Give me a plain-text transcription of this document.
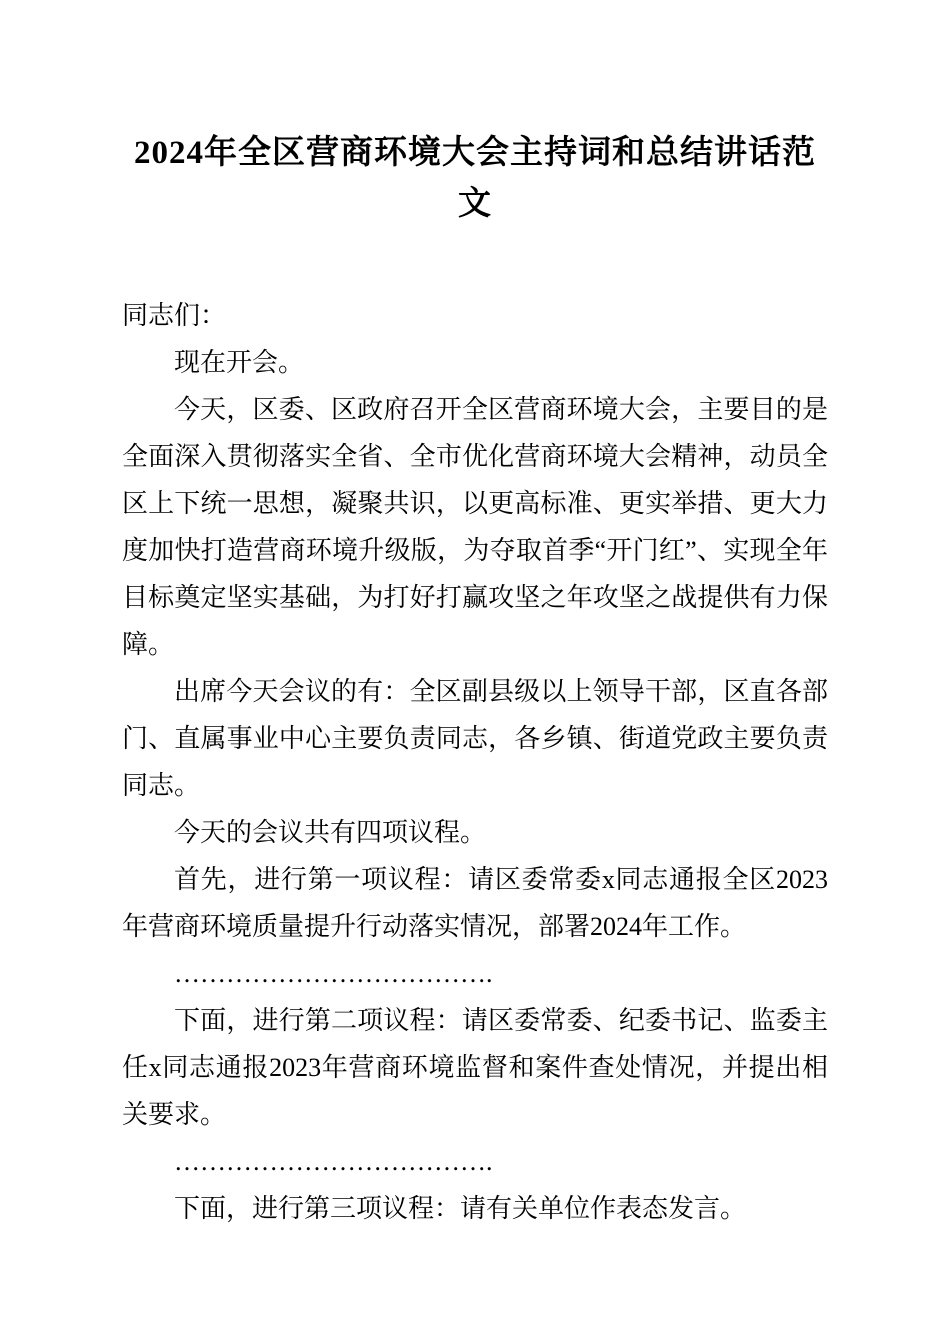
2024年全区营商环境大会主持词和总结讲话范文

同志们：

现在开会。

今天，区委、区政府召开全区营商环境大会，主要目的是全面深入贯彻落实全省、全市优化营商环境大会精神，动员全区上下统一思想，凝聚共识，以更高标准、更实举措、更大力度加快打造营商环境升级版，为夺取首季“开门红”、实现全年目标奠定坚实基础，为打好打赢攻坚之年攻坚之战提供有力保障。

出席今天会议的有：全区副县级以上领导干部，区直各部门、直属事业中心主要负责同志，各乡镇、街道党政主要负责同志。

今天的会议共有四项议程。

首先，进行第一项议程：请区委常委x同志通报全区2023年营商环境质量提升行动落实情况，部署2024年工作。

……………………………….

下面，进行第二项议程：请区委常委、纪委书记、监委主任x同志通报2023年营商环境监督和案件查处情况，并提出相关要求。

……………………………….

下面，进行第三项议程：请有关单位作表态发言。
